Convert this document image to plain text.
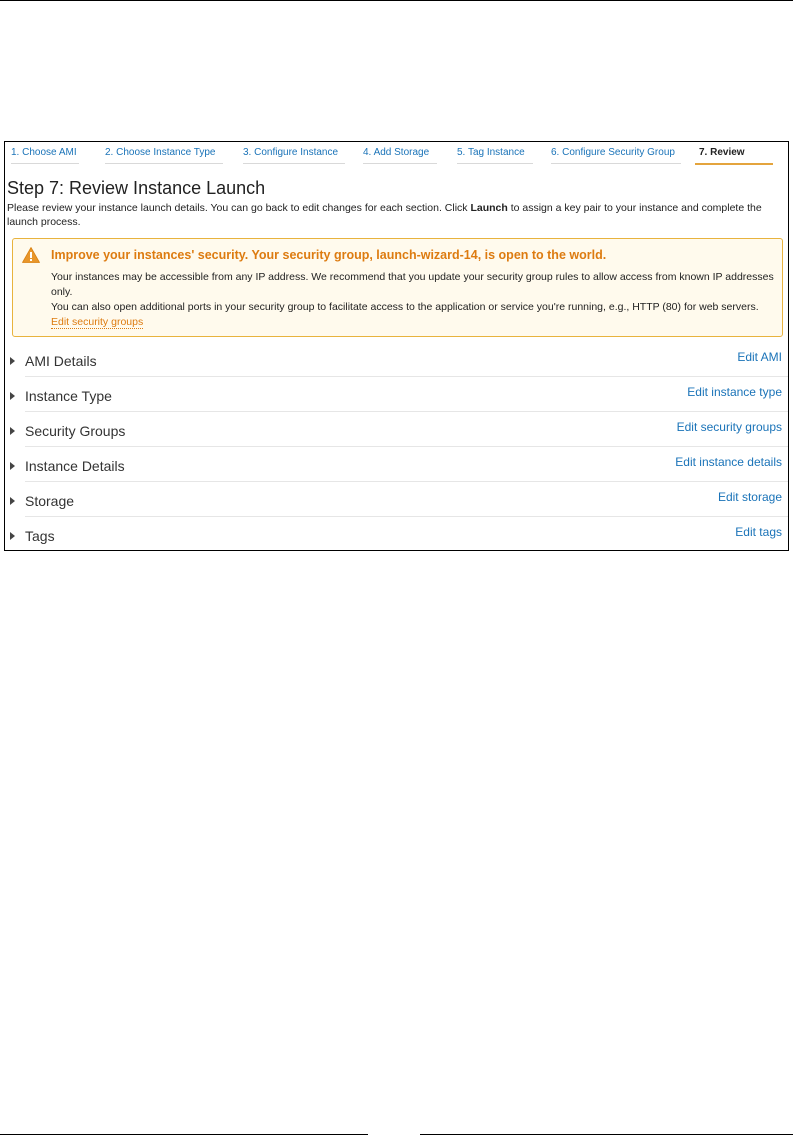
1. Choose AMI	2. Choose Instance Type	3. Configure Instance	4. Add Storage	5. Tag Instance	6. Configure Security Group	7. Review
Step 7: Review Instance Launch
Please review your instance launch details. You can go back to edit changes for each section. Click Launch to assign a key pair to your instance and complete the launch process.
Improve your instances' security. Your security group, launch-wizard-14, is open to the world.
Your instances may be accessible from any IP address. We recommend that you update your security group rules to allow access from known IP addresses only.
You can also open additional ports in your security group to facilitate access to the application or service you're running, e.g., HTTP (80) for web servers. Edit security groups
AMI Details	Edit AMI
Instance Type	Edit instance type
Security Groups	Edit security groups
Instance Details	Edit instance details
Storage	Edit storage
Tags	Edit tags
